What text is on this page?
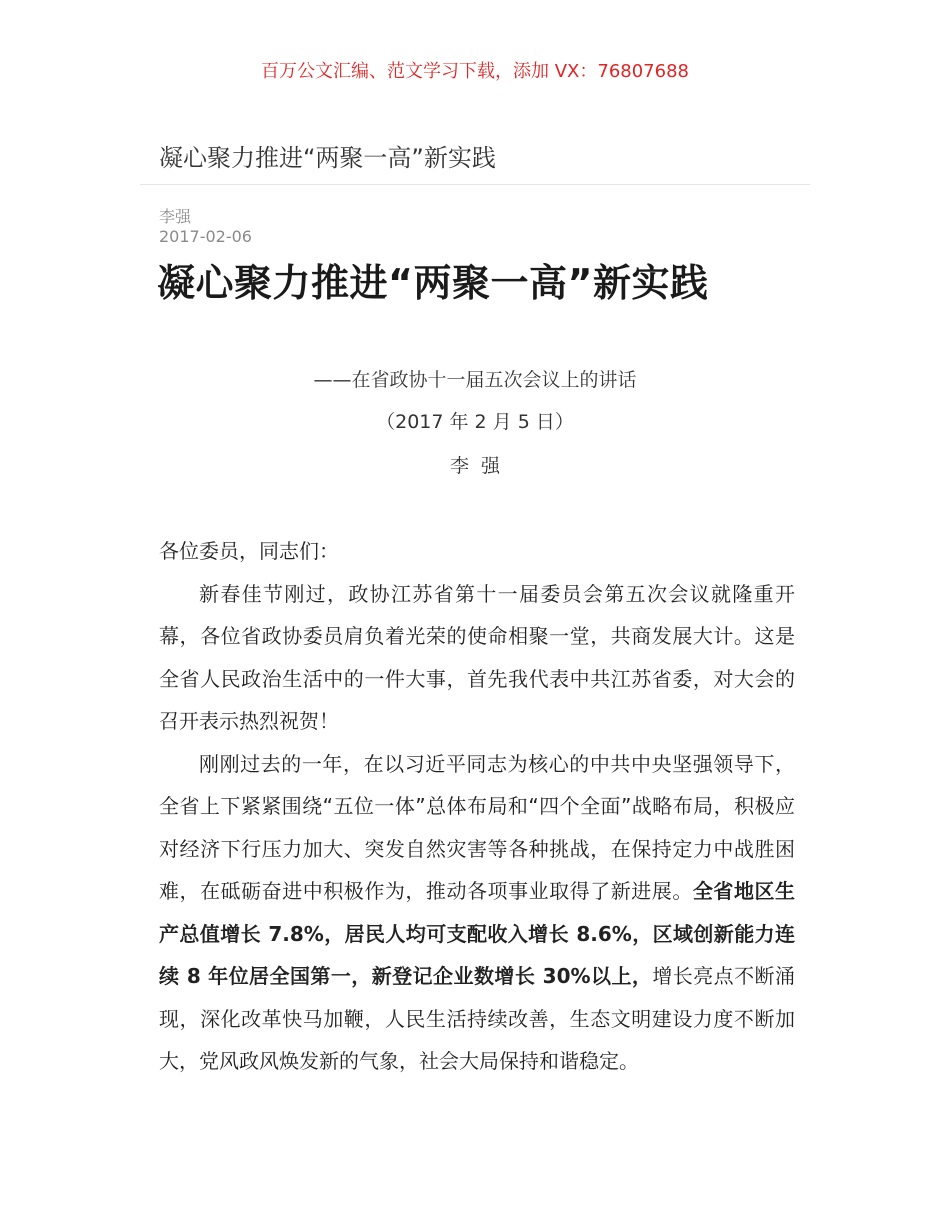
百万公文汇编、范文学习下载，添加 VX：76807688
凝心聚力推进“两聚一高”新实践
李强
2017-02-06
凝心聚力推进“两聚一高”新实践
——在省政协十一届五次会议上的讲话
（2017 年 2 月 5 日）
李强

各位委员，同志们：

新春佳节刚过，政协江苏省第十一届委员会第五次会议就隆重开幕，各位省政协委员肩负着光荣的使命相聚一堂，共商发展大计。这是全省人民政治生活中的一件大事，首先我代表中共江苏省委，对大会的召开表示热烈祝贺！

刚刚过去的一年，在以习近平同志为核心的中共中央坚强领导下，全省上下紧紧围绕“五位一体”总体布局和“四个全面”战略布局，积极应对经济下行压力加大、突发自然灾害等各种挑战，在保持定力中战胜困难，在砥砺奋进中积极作为，推动各项事业取得了新进展。全省地区生产总值增长 7.8%，居民人均可支配收入增长 8.6%，区域创新能力连续 8 年位居全国第一，新登记企业数增长 30%以上，增长亮点不断涌现，深化改革快马加鞭，人民生活持续改善，生态文明建设力度不断加大，党风政风焕发新的气象，社会大局保持和谐稳定。
